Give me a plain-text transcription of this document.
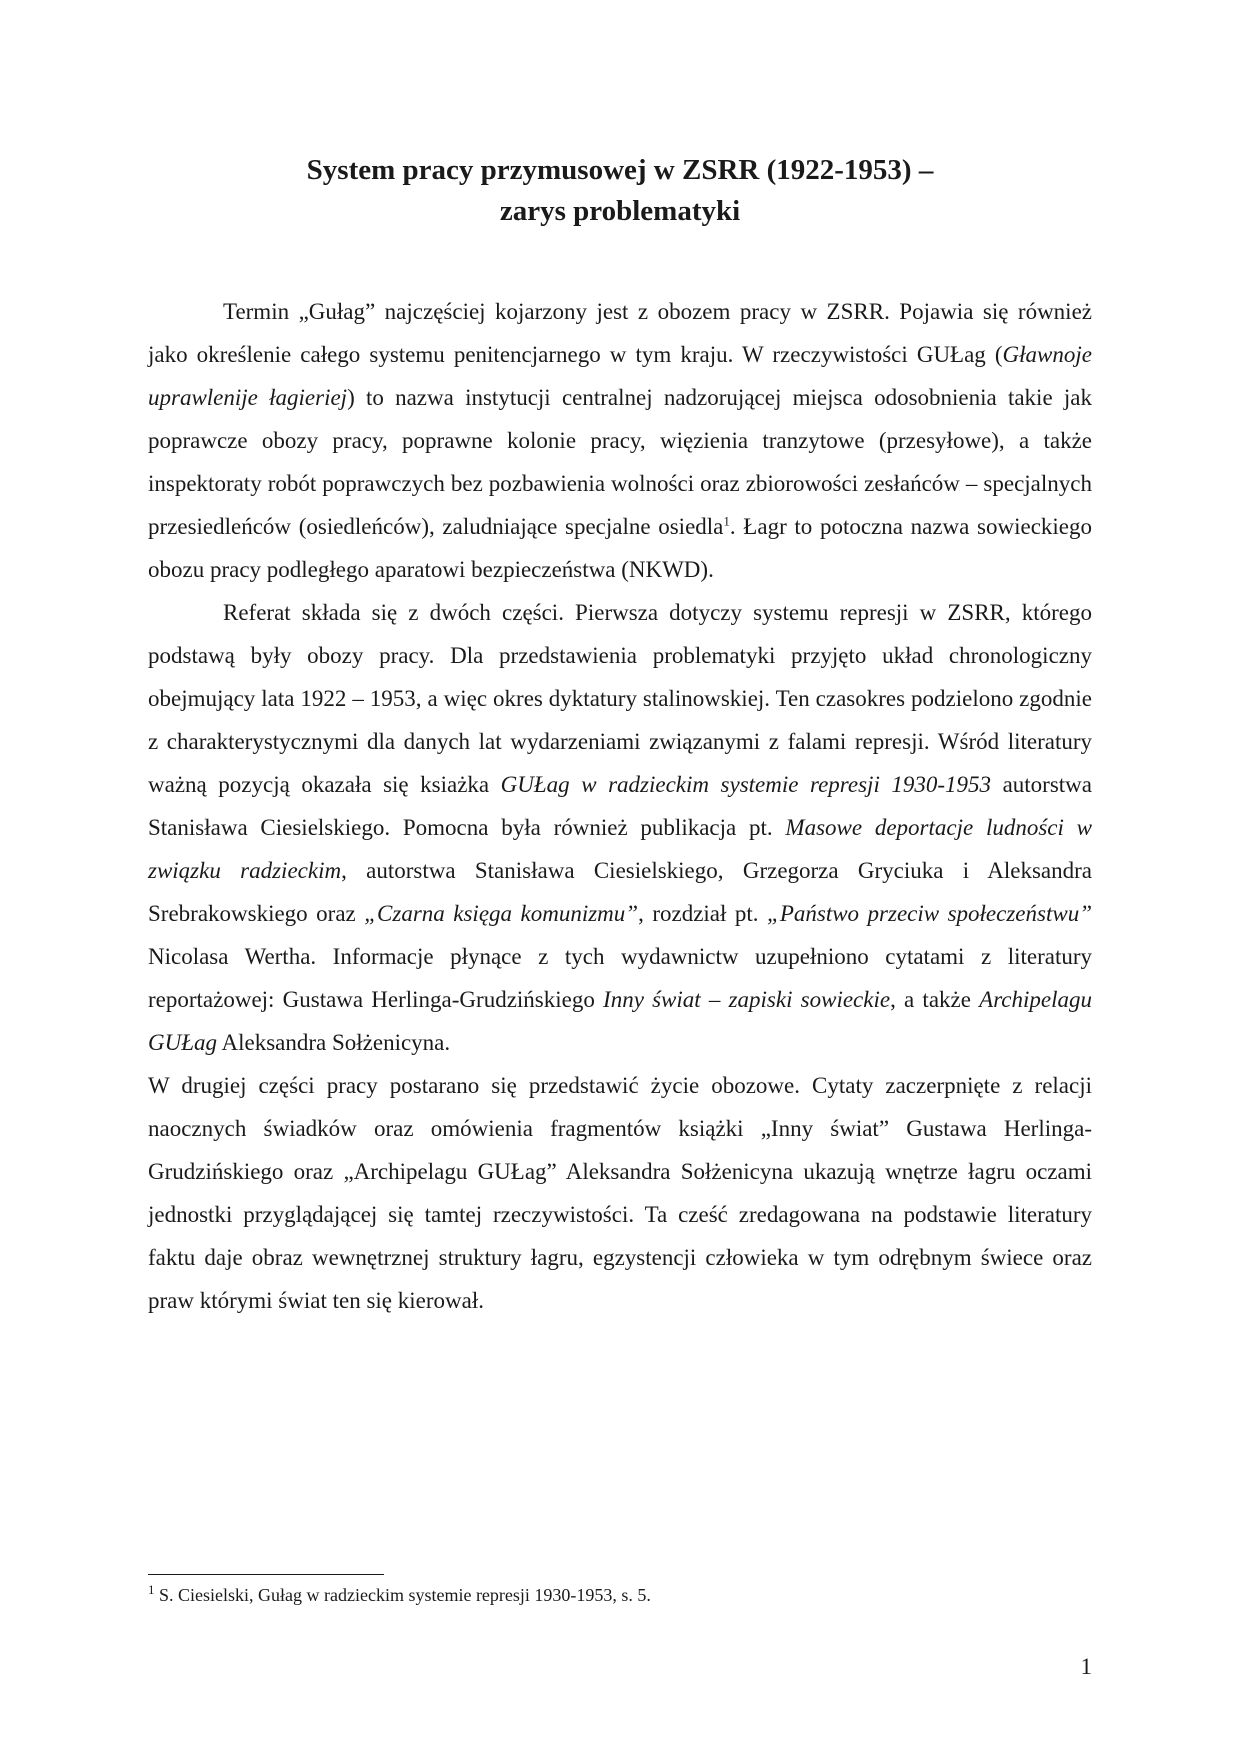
System pracy przymusowej w ZSRR (1922-1953) –
zarys problematyki

Termin „Gułag” najczęściej kojarzony jest z obozem pracy w ZSRR. Pojawia się również jako określenie całego systemu penitencjarnego w tym kraju. W rzeczywistości GUŁag (Gławnoje uprawlenije łagieriej) to nazwa instytucji centralnej nadzorującej miejsca odosobnienia takie jak poprawcze obozy pracy, poprawne kolonie pracy, więzienia tranzytowe (przesyłowe), a także inspektoraty robót poprawczych bez pozbawienia wolności oraz zbiorowości zesłańców – specjalnych przesiedleńców (osiedleńców), zaludniające specjalne osiedla$^1$. Łagr to potoczna nazwa sowieckiego obozu pracy podległego aparatowi bezpieczeństwa (NKWD).

Referat składa się z dwóch części. Pierwsza dotyczy systemu represji w ZSRR, którego podstawą były obozy pracy. Dla przedstawienia problematyki przyjęto układ chronologiczny obejmujący lata 1922 – 1953, a więc okres dyktatury stalinowskiej. Ten czasokres podzielono zgodnie z charakterystycznymi dla danych lat wydarzeniami związanymi z falami represji. Wśród literatury ważną pozycją okazała się ksiażka GUŁag w radzieckim systemie represji 1930-1953 autorstwa Stanisława Ciesielskiego. Pomocna była również publikacja pt. Masowe deportacje ludności w związku radzieckim, autorstwa Stanisława Ciesielskiego, Grzegorza Gryciuka i Aleksandra Srebrakowskiego oraz „Czarna księga komunizmu”, rozdział pt. „Państwo przeciw społeczeństwu” Nicolasa Wertha. Informacje płynące z tych wydawnictw uzupełniono cytatami z literatury reportażowej: Gustawa Herlinga-Grudzińskiego Inny świat – zapiski sowieckie, a także Archipelagu GUŁag Aleksandra Sołżenicyna.

W drugiej części pracy postarano się przedstawić życie obozowe. Cytaty zaczerpnięte z relacji naocznych świadków oraz omówienia fragmentów książki „Inny świat” Gustawa Herlinga-Grudzińskiego oraz „Archipelagu GUŁag” Aleksandra Sołżenicyna ukazują wnętrze łagru oczami jednostki przyglądającej się tamtej rzeczywistości. Ta cześć zredagowana na podstawie literatury faktu daje obraz wewnętrznej struktury łagru, egzystencji człowieka w tym odrębnym świece oraz praw którymi świat ten się kierował.

$^1$ S. Ciesielski, Gułag w radzieckim systemie represji 1930-1953, s. 5.

1
